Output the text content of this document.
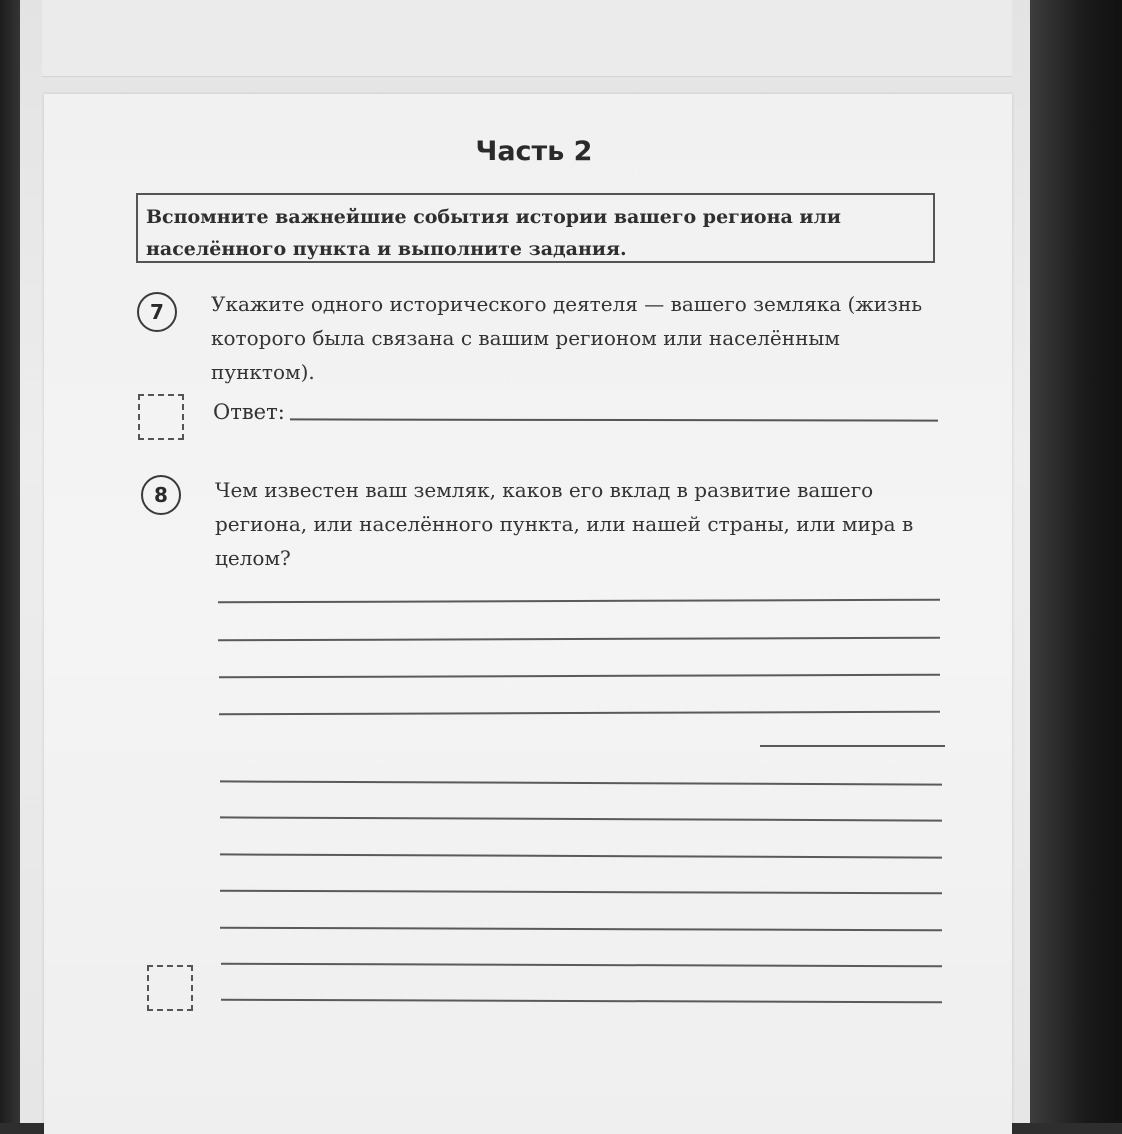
Часть 2
Вспомните важнейшие события истории вашего региона или населённого пункта и выполните задания.
7	Укажите одного исторического деятеля — вашего земляка (жизнь которого была связана с вашим регионом или населённым пунктом).
Ответ:
8	Чем известен ваш земляк, каков его вклад в развитие вашего региона, или населённого пункта, или нашей страны, или мира в целом?
